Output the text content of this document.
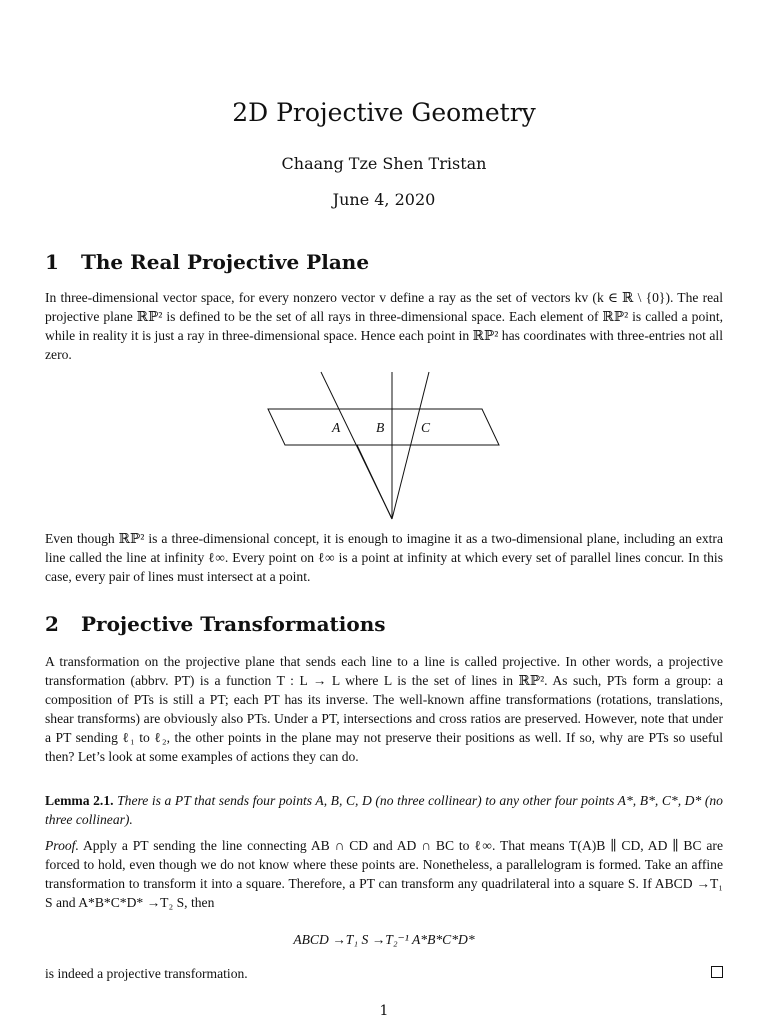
2D Projective Geometry
Chaang Tze Shen Tristan
June 4, 2020
1 The Real Projective Plane
In three-dimensional vector space, for every nonzero vector v define a ray as the set of vectors kv (k ∈ ℝ \ {0}). The real projective plane ℝℙ² is defined to be the set of all rays in three-dimensional space. Each element of ℝℙ² is called a point, while in reality it is just a ray in three-dimensional space. Hence each point in ℝℙ² has coordinates with three-entries not all zero.
A	B	C
Even though ℝℙ² is a three-dimensional concept, it is enough to imagine it as a two-dimensional plane, including an extra line called the line at infinity ℓ∞. Every point on ℓ∞ is a point at infinity at which every set of parallel lines concur. In this case, every pair of lines must intersect at a point.
2 Projective Transformations
A transformation on the projective plane that sends each line to a line is called projective. In other words, a projective transformation (abbrv. PT) is a function T : L → L where L is the set of lines in ℝℙ². As such, PTs form a group: a composition of PTs is still a PT; each PT has its inverse. The well-known affine transformations (rotations, translations, shear transforms) are obviously also PTs. Under a PT, intersections and cross ratios are preserved. However, note that under a PT sending ℓ₁ to ℓ₂, the other points in the plane may not preserve their positions as well. If so, why are PTs so useful then? Let’s look at some examples of actions they can do.
Lemma 2.1. There is a PT that sends four points A, B, C, D (no three collinear) to any other four points A*, B*, C*, D* (no three collinear).
Proof. Apply a PT sending the line connecting AB ∩ CD and AD ∩ BC to ℓ∞. That means T(A)B ∥ CD, AD ∥ BC are forced to hold, even though we do not know where these points are. Nonetheless, a parallelogram is formed. Take an affine transformation to transform it into a square. Therefore, a PT can transform any quadrilateral into a square S. If ABCD →T₁ S and A*B*C*D* →T₂ S, then
ABCD →T₁ S →T₂⁻¹ A*B*C*D*
is indeed a projective transformation.
1
